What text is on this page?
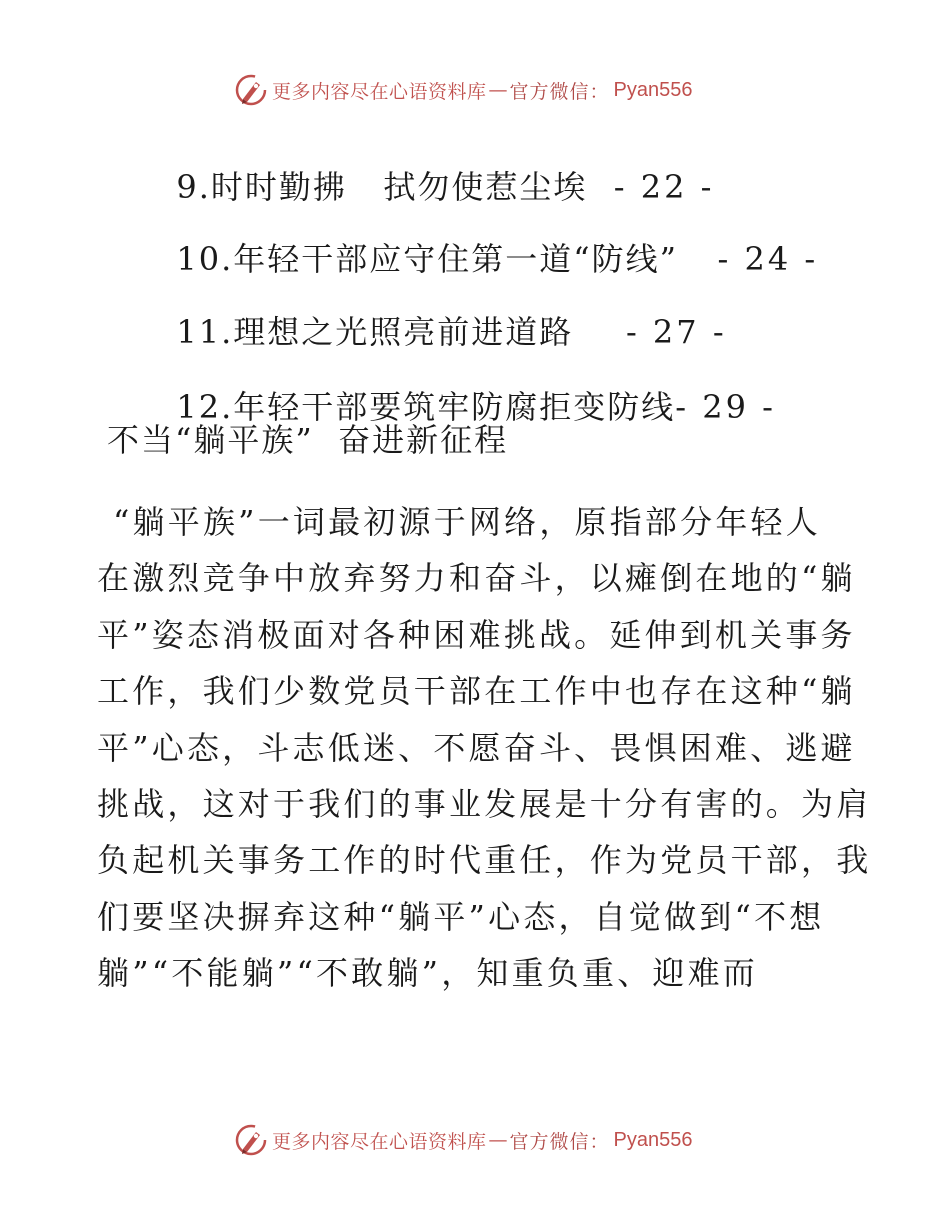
更多内容尽在心语资料库 — 官方微信： Pyan556

9.时时勤拂   拭勿使惹尘埃  - 22 -

10.年轻干部应守住第一道“防线”   - 24 -

11.理想之光照亮前进道路    - 27 -

12.年轻干部要筑牢防腐拒变防线- 29 -

不当“躺平族”  奋进新征程
“躺平族”一词最初源于网络，原指部分年轻人
在激烈竞争中放弃努力和奋斗，以瘫倒在地的“躺
平”姿态消极面对各种困难挑战。延伸到机关事务
工作，我们少数党员干部在工作中也存在这种“躺
平”心态，斗志低迷、不愿奋斗、畏惧困难、逃避
挑战，这对于我们的事业发展是十分有害的。为肩
负起机关事务工作的时代重任，作为党员干部，我
们要坚决摒弃这种“躺平”心态，自觉做到“不想
躺”“不能躺”“不敢躺”，知重负重、迎难而
更多内容尽在心语资料库 — 官方微信： Pyan556
